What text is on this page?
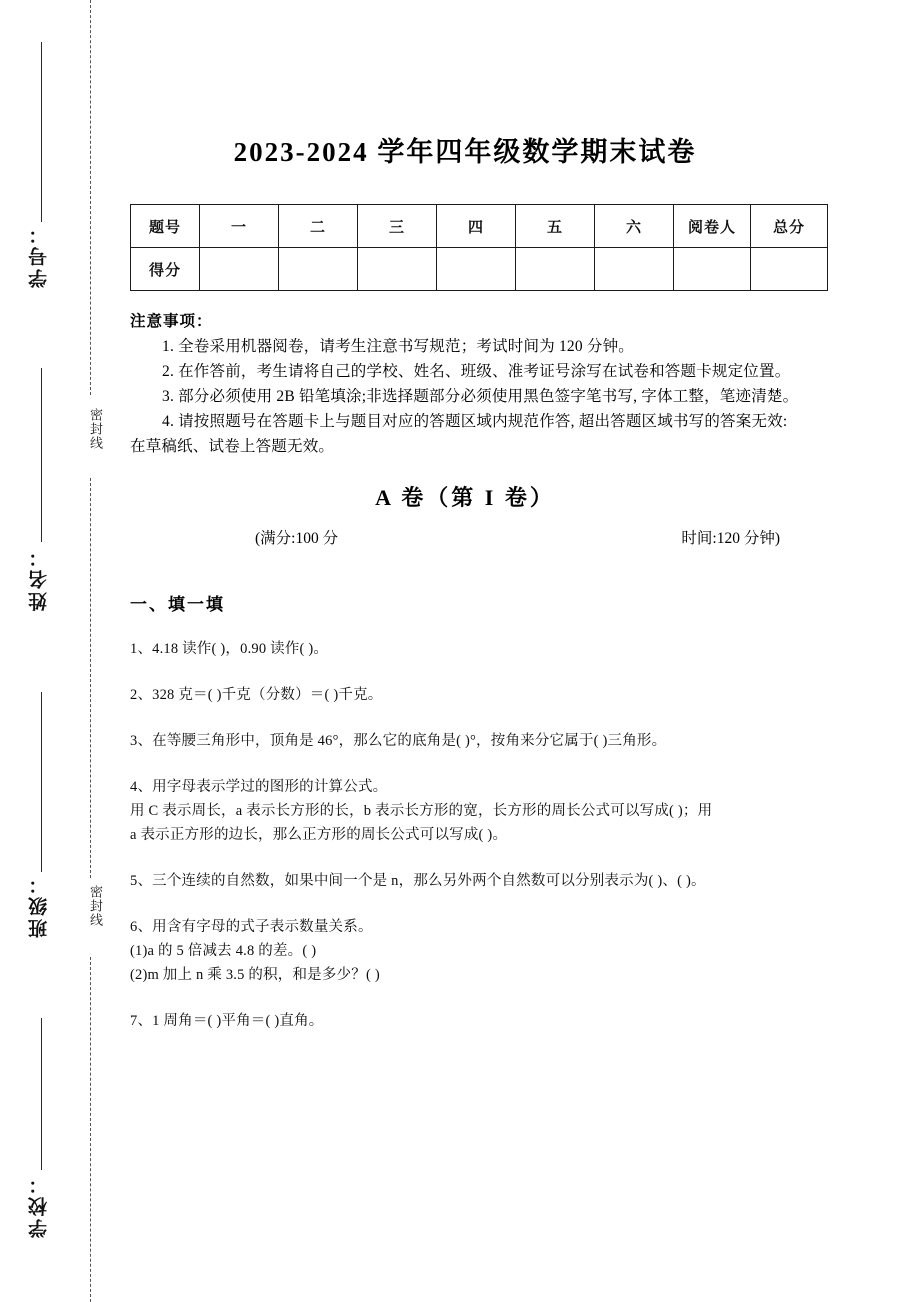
密封线
密封线
学号：
姓名：
班级：
学校：
2023-2024 学年四年级数学期末试卷
题号	一	二	三	四	五	六	阅卷人	总分
得分								
注意事项：
1. 全卷采用机器阅卷，请考生注意书写规范；考试时间为 120 分钟。
2. 在作答前，考生请将自己的学校、姓名、班级、准考证号涂写在试卷和答题卡规定位置。
3. 部分必须使用 2B 铅笔填涂;非选择题部分必须使用黑色签字笔书写, 字体工整，笔迹清楚。
4. 请按照题号在答题卡上与题目对应的答题区域内规范作答, 超出答题区域书写的答案无效:在草稿纸、试卷上答题无效。
A 卷（第 I 卷）
(满分:100 分	时间:120 分钟)
一、填一填
1、4.18 读作( )，0.90 读作( )。
2、328 克＝( )千克（分数）＝( )千克。
3、在等腰三角形中，顶角是 46°，那么它的底角是( )°，按角来分它属于( )三角形。
4、用字母表示学过的图形的计算公式。
用 C 表示周长，a 表示长方形的长，b 表示长方形的宽，长方形的周长公式可以写成( )；用
a 表示正方形的边长，那么正方形的周长公式可以写成( )。
5、三个连续的自然数，如果中间一个是 n，那么另外两个自然数可以分别表示为( )、( )。
6、用含有字母的式子表示数量关系。
(1)a 的 5 倍减去 4.8 的差。( )
(2)m 加上 n 乘 3.5 的积，和是多少？( )
7、1 周角＝( )平角＝( )直角。
